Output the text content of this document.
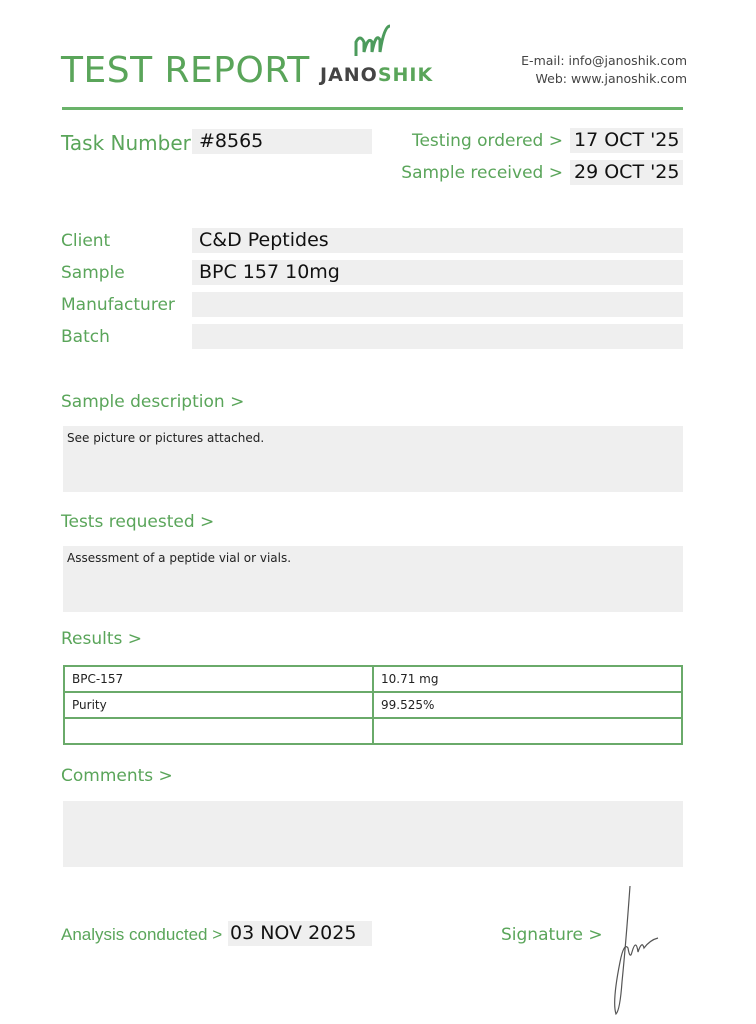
TEST REPORT JANOSHIK
E-mail: info@janoshik.com
Web: www.janoshik.com
Task Number #8565	Testing ordered > 17 OCT '25
Sample received > 29 OCT '25
Client	C&D Peptides
Sample	BPC 157 10mg
Manufacturer
Batch
Sample description >
See picture or pictures attached.
Tests requested >
Assessment of a peptide vial or vials.
Results >
BPC-157	10.71 mg
Purity	99.525%

Comments >
Analysis conducted > 03 NOV 2025	Signature >
